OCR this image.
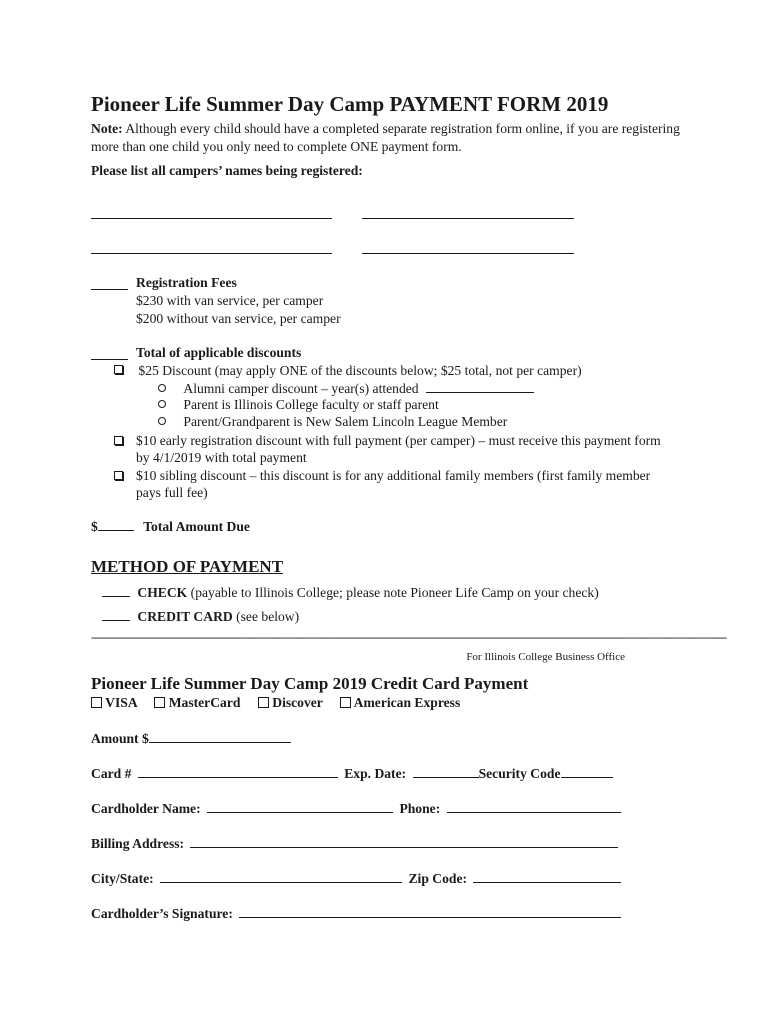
Pioneer Life Summer Day Camp PAYMENT FORM 2019
Note: Although every child should have a completed separate registration form online, if you are registering more than one child you only need to complete ONE payment form.
Please list all campers’ names being registered:
Registration Fees
$230 with van service, per camper
$200 without van service, per camper
Total of applicable discounts
$25 Discount (may apply ONE of the discounts below; $25 total, not per camper)
Alumni camper discount – year(s) attended
Parent is Illinois College faculty or staff parent
Parent/Grandparent is New Salem Lincoln League Member
$10 early registration discount with full payment (per camper) – must receive this payment form by 4/1/2019 with total payment
$10 sibling discount – this discount is for any additional family members (first family member pays full fee)
$	Total Amount Due
METHOD OF PAYMENT
CHECK (payable to Illinois College; please note Pioneer Life Camp on your check)
CREDIT CARD (see below)
--------------------------------------------------------------------------------------------------------------------------------------------------------------------------------------------------------------------
For Illinois College Business Office
Pioneer Life Summer Day Camp 2019 Credit Card Payment
VISA MasterCard Discover American Express
Amount $
Card #	Exp. Date:	Security Code
Cardholder Name:	Phone:
Billing Address:
City/State:	Zip Code:
Cardholder’s Signature:
